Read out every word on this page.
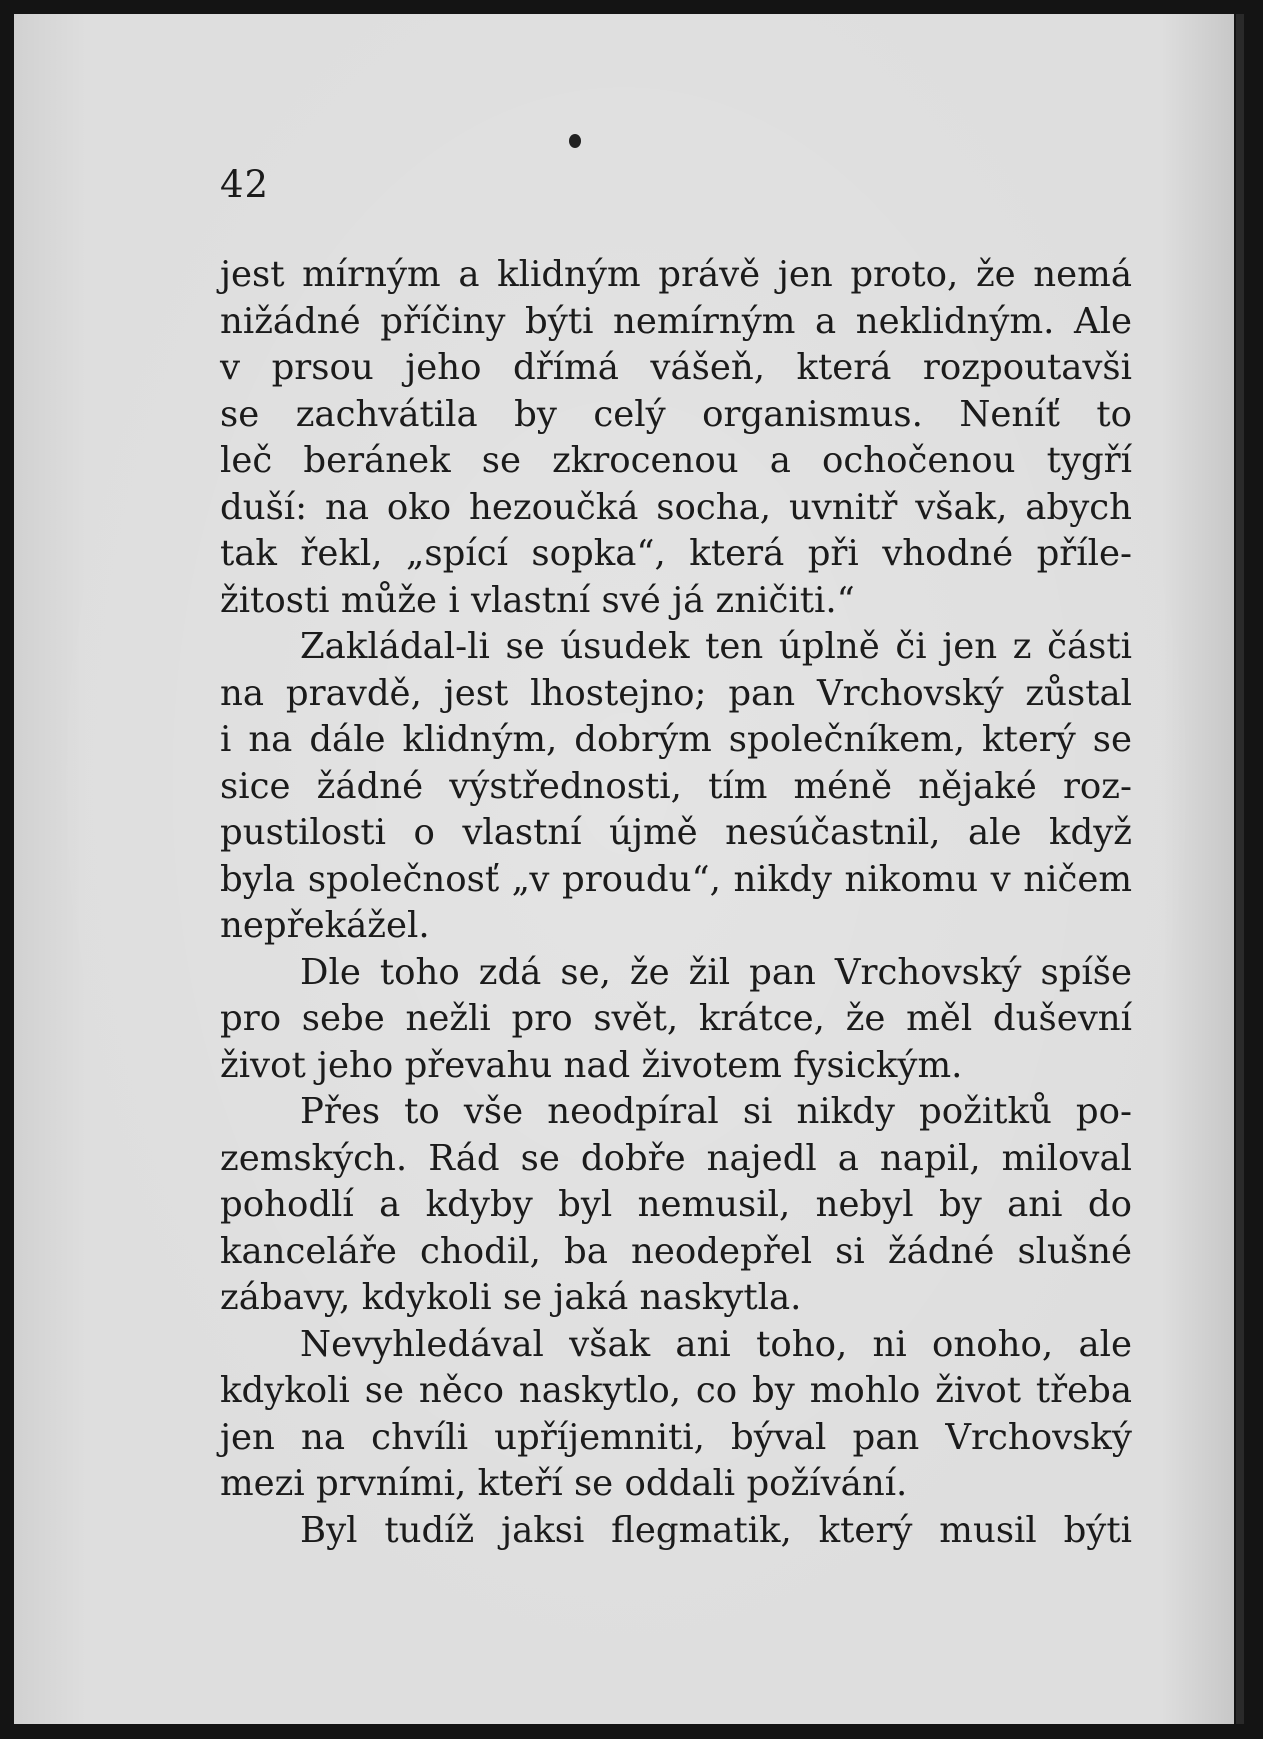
42

jest mírným a klidným právě jen proto, že nemá
nižádné příčiny býti nemírným a neklidným. Ale
v prsou jeho dřímá vášeň, která rozpoutavši
se zachvátila by celý organismus. Neníť to
leč beránek se zkrocenou a ochočenou tygří
duší: na oko hezoučká socha, uvnitř však, abych
tak řekl, „spící sopka“, která při vhodné příle-
žitosti může i vlastní své já zničiti.“

Zakládal-li se úsudek ten úplně či jen z části
na pravdě, jest lhostejno; pan Vrchovský zůstal
i na dále klidným, dobrým společníkem, který se
sice žádné výstřednosti, tím méně nějaké roz-
pustilosti o vlastní újmě nesúčastnil, ale když
byla společnosť „v proudu“, nikdy nikomu v ničem
nepřekážel.

Dle toho zdá se, že žil pan Vrchovský spíše
pro sebe nežli pro svět, krátce, že měl duševní
život jeho převahu nad životem fysickým.

Přes to vše neodpíral si nikdy požitků po-
zemských. Rád se dobře najedl a napil, miloval
pohodlí a kdyby byl nemusil, nebyl by ani do
kanceláře chodil, ba neodepřel si žádné slušné
zábavy, kdykoli se jaká naskytla.

Nevyhledával však ani toho, ni onoho, ale
kdykoli se něco naskytlo, co by mohlo život třeba
jen na chvíli upříjemniti, býval pan Vrchovský
mezi prvními, kteří se oddali požívání.

Byl tudíž jaksi flegmatik, který musil býti
